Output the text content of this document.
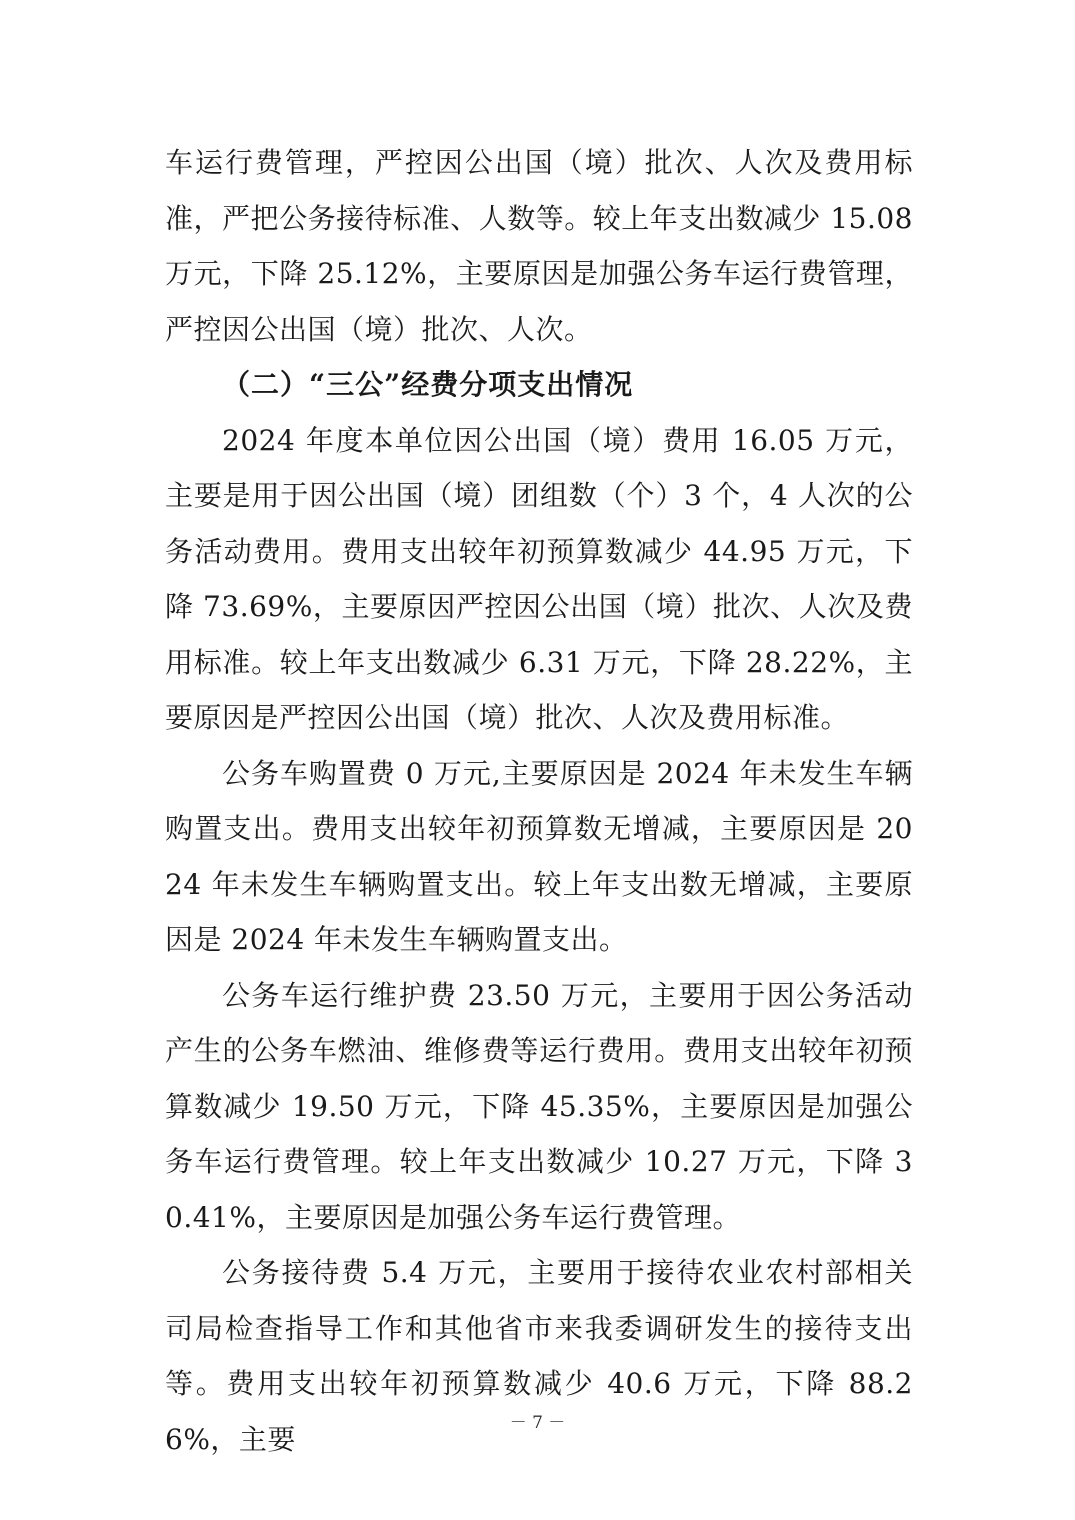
车运行费管理，严控因公出国（境）批次、人次及费用标准，严把公务接待标准、人数等。较上年支出数减少 15.08 万元，下降 25.12%，主要原因是加强公务车运行费管理，严控因公出国（境）批次、人次。

（二）“三公”经费分项支出情况

2024 年度本单位因公出国（境）费用 16.05 万元，主要是用于因公出国（境）团组数（个）3 个，4 人次的公务活动费用。费用支出较年初预算数减少 44.95 万元，下降 73.69%，主要原因严控因公出国（境）批次、人次及费用标准。较上年支出数减少 6.31 万元，下降 28.22%，主要原因是严控因公出国（境）批次、人次及费用标准。

公务车购置费 0 万元,主要原因是 2024 年未发生车辆购置支出。费用支出较年初预算数无增减，主要原因是 2024 年未发生车辆购置支出。较上年支出数无增减，主要原因是 2024 年未发生车辆购置支出。

公务车运行维护费 23.50 万元，主要用于因公务活动产生的公务车燃油、维修费等运行费用。费用支出较年初预算数减少 19.50 万元，下降 45.35%，主要原因是加强公务车运行费管理。较上年支出数减少 10.27 万元，下降 30.41%，主要原因是加强公务车运行费管理。

公务接待费 5.4 万元，主要用于接待农业农村部相关司局检查指导工作和其他省市来我委调研发生的接待支出等。费用支出较年初预算数减少 40.6 万元，下降 88.26%，主要	－ 7 －
